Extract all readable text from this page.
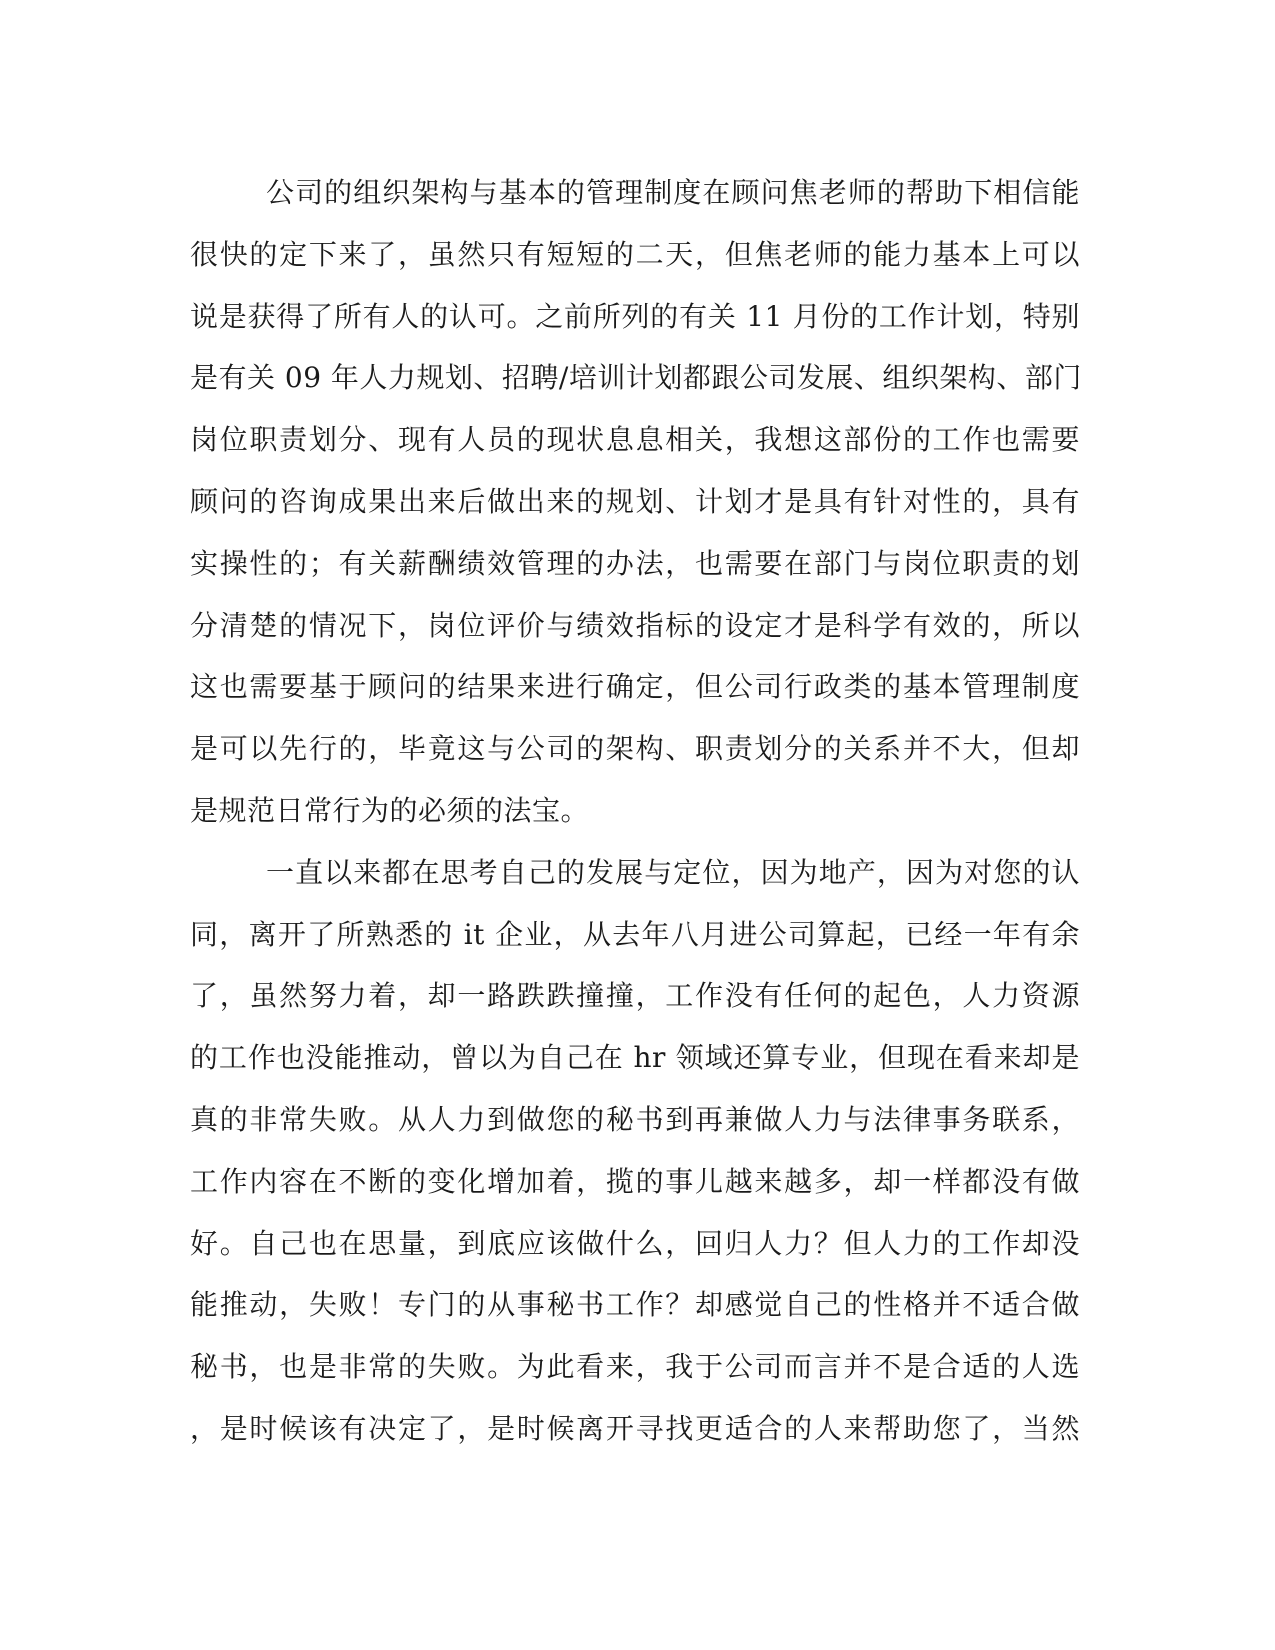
公司的组织架构与基本的管理制度在顾问焦老师的帮助下相信能
很快的定下来了，虽然只有短短的二天，但焦老师的能力基本上可以
说是获得了所有人的认可。之前所列的有关 11 月份的工作计划，特别
是有关 09 年人力规划、招聘/培训计划都跟公司发展、组织架构、部门
岗位职责划分、现有人员的现状息息相关，我想这部份的工作也需要
顾问的咨询成果出来后做出来的规划、计划才是具有针对性的，具有
实操性的；有关薪酬绩效管理的办法，也需要在部门与岗位职责的划
分清楚的情况下，岗位评价与绩效指标的设定才是科学有效的，所以
这也需要基于顾问的结果来进行确定，但公司行政类的基本管理制度
是可以先行的，毕竟这与公司的架构、职责划分的关系并不大，但却
是规范日常行为的必须的法宝。
一直以来都在思考自己的发展与定位，因为地产，因为对您的认
同，离开了所熟悉的 it 企业，从去年八月进公司算起，已经一年有余
了，虽然努力着，却一路跌跌撞撞，工作没有任何的起色，人力资源
的工作也没能推动，曾以为自己在 hr 领域还算专业，但现在看来却是
真的非常失败。从人力到做您的秘书到再兼做人力与法律事务联系，
工作内容在不断的变化增加着，揽的事儿越来越多，却一样都没有做
好。自己也在思量，到底应该做什么，回归人力？但人力的工作却没
能推动，失败！专门的从事秘书工作？却感觉自己的性格并不适合做
秘书，也是非常的失败。为此看来，我于公司而言并不是合适的人选
，是时候该有决定了，是时候离开寻找更适合的人来帮助您了，当然
